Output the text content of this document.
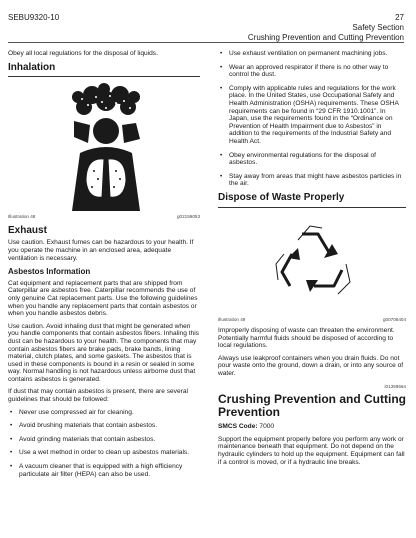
SEBU9320-10	27
Safety Section
Crushing Prevention and Cutting Prevention

Obey all local regulations for the disposal of liquids.

Inhalation
Illustration 48	g02159053
Exhaust

Use caution. Exhaust fumes can be hazardous to your health. If you operate the machine in an enclosed area, adequate ventilation is necessary.

Asbestos Information

Cat equipment and replacement parts that are shipped from Caterpillar are asbestos free. Caterpillar recommends the use of only genuine Cat replacement parts. Use the following guidelines when you handle any replacement parts that contain asbestos or when you handle asbestos debris.

Use caution. Avoid inhaling dust that might be generated when you handle components that contain asbestos fibers. Inhaling this dust can be hazardous to your health. The components that may contain asbestos fibers are brake pads, brake bands, lining material, clutch plates, and some gaskets. The asbestos that is used in these components is bound in a resin or sealed in some way. Normal handling is not hazardous unless airborne dust that contains asbestos is generated.

If dust that may contain asbestos is present, there are several guidelines that should be followed:

• Never use compressed air for cleaning.
• Avoid brushing materials that contain asbestos.
• Avoid grinding materials that contain asbestos.
• Use a wet method in order to clean up asbestos materials.
• A vacuum cleaner that is equipped with a high efficiency particulate air filter (HEPA) can also be used.
• Use exhaust ventilation on permanent machining jobs.
• Wear an approved respirator if there is no other way to control the dust.
• Comply with applicable rules and regulations for the work place. In the United States, use Occupational Safety and Health Administration (OSHA) requirements. These OSHA requirements can be found in “29 CFR 1910.1001”. In Japan, use the requirements found in the “Ordinance on Prevention of Health Impairment due to Asbestos” in addition to the requirements of the Industrial Safety and Health Act.
• Obey environmental regulations for the disposal of asbestos.
• Stay away from areas that might have asbestos particles in the air.
Dispose of Waste Properly
Illustration 49	g00706404

Improperly disposing of waste can threaten the environment. Potentially harmful fluids should be disposed of according to local regulations.

Always use leakproof containers when you drain fluids. Do not pour waste onto the ground, down a drain, or into any source of water.

i01359664
Crushing Prevention and Cutting Prevention

SMCS Code: 7000

Support the equipment properly before you perform any work or maintenance beneath that equipment. Do not depend on the hydraulic cylinders to hold up the equipment. Equipment can fall if a control is moved, or if a hydraulic line breaks.
